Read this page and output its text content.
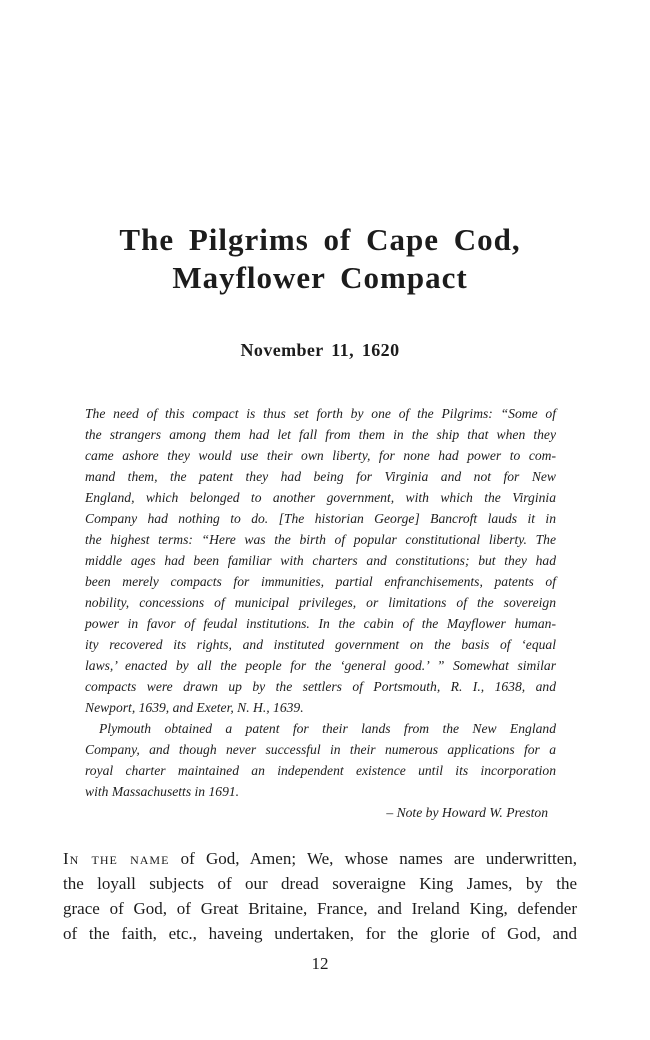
The Pilgrims of Cape Cod,
Mayflower Compact
November 11, 1620
The need of this compact is thus set forth by one of the Pilgrims: “Some of
the strangers among them had let fall from them in the ship that when they
came ashore they would use their own liberty, for none had power to com-
mand them, the patent they had being for Virginia and not for New
England, which belonged to another government, with which the Virginia
Company had nothing to do. [The historian George] Bancroft lauds it in
the highest terms: “Here was the birth of popular constitutional liberty. The
middle ages had been familiar with charters and constitutions; but they had
been merely compacts for immunities, partial enfranchisements, patents of
nobility, concessions of municipal privileges, or limitations of the sovereign
power in favor of feudal institutions. In the cabin of the Mayflower human-
ity recovered its rights, and instituted government on the basis of ‘equal
laws,’ enacted by all the people for the ‘general good.’ ” Somewhat similar
compacts were drawn up by the settlers of Portsmouth, R. I., 1638, and
Newport, 1639, and Exeter, N. H., 1639.
Plymouth obtained a patent for their lands from the New England
Company, and though never successful in their numerous applications for a
royal charter maintained an independent existence until its incorporation
with Massachusetts in 1691.
– Note by Howard W. Preston
In the name of God, Amen; We, whose names are underwritten,
the loyall subjects of our dread soveraigne King James, by the
grace of God, of Great Britaine, France, and Ireland King, defender
of the faith, etc., haveing undertaken, for the glorie of God, and
12
